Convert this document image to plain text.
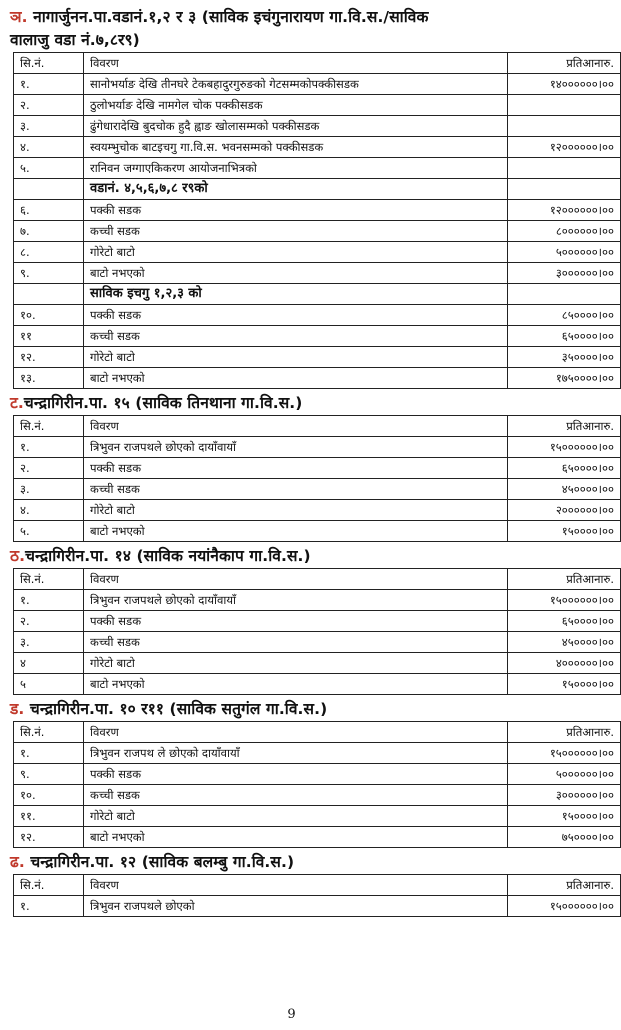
ञ. नागार्जुनन.पा.वडानं.१,२ र ३ (साविक इचंगुनारायण गा.वि.स./साविक
वालाजु वडा नं.७,८र९)
सि.नं.	विवरण	प्रतिआनारु.
१.	सानोभर्याङ देखि तीनघरे टेकबहादुरगुरुङको गेटसम्मकोपक्कीसडक	१४००००००।००
२.	ठुलोभर्याङ देखि नामगेल चोक पक्कीसडक	
३.	ढुंगेधारादेखि बुदचोक हुदै ह्वाङ खोलासम्मको पक्कीसडक	
४.	स्वयम्भुचोक बाटइचगु गा.वि.स. भवनसम्मको पक्कीसडक	१२००००००।००
५.	रानिवन जग्गाएकिकरण आयोजनाभित्रको	
	वडानं. ४,५,६,७,८ र९को	
६.	पक्की सडक	१२००००००।००
७.	कच्ची सडक	८००००००।००
८.	गोरेटो बाटो	५००००००।००
९.	बाटो नभएको	३००००००।००
	साविक इचगु १,२,३ को	
१०.	पक्की सडक	८५००००।००
११	कच्ची सडक	६५००००।००
१२.	गोरेटो बाटो	३५००००।००
१३.	बाटो नभएको	१७५००००।००
ट.चन्द्रागिरीन.पा. १५ (साविक तिनथाना गा.वि.स.)
सि.नं.	विवरण	प्रतिआनारु.
१.	त्रिभुवन राजपथले छोएको दायाँवायाँ	१५००००००।००
२.	पक्की सडक	६५००००।००
३.	कच्ची सडक	४५००००।००
४.	गोरेटो बाटो	२००००००।००
५.	बाटो नभएको	१५००००।००
ठ.चन्द्रागिरीन.पा. १४ (साविक नयांनैकाप गा.वि.स.)
सि.नं.	विवरण	प्रतिआनारु.
१.	त्रिभुवन राजपथले छोएको दायाँवायाँ	१५००००००।००
२.	पक्की सडक	६५००००।००
३.	कच्ची सडक	४५००००।००
४	गोरेटो बाटो	४००००००।००
५	बाटो नभएको	१५००००।००
ड. चन्द्रागिरीन.पा. १० र११ (साविक सतुगंल गा.वि.स.)
सि.नं.	विवरण	प्रतिआनारु.
१.	त्रिभुवन राजपथ ले छोएको दायाँवायाँ	१५००००००।००
९.	पक्की सडक	५००००००।००
१०.	कच्ची सडक	३००००००।००
११.	गोरेटो बाटो	१५००००।००
१२.	बाटो नभएको	७५००००।००
ढ. चन्द्रागिरीन.पा. १२ (साविक बलम्बु गा.वि.स.)
सि.नं.	विवरण	प्रतिआनारु.
१.	त्रिभुवन राजपथले छोएको	१५००००००।००
9
